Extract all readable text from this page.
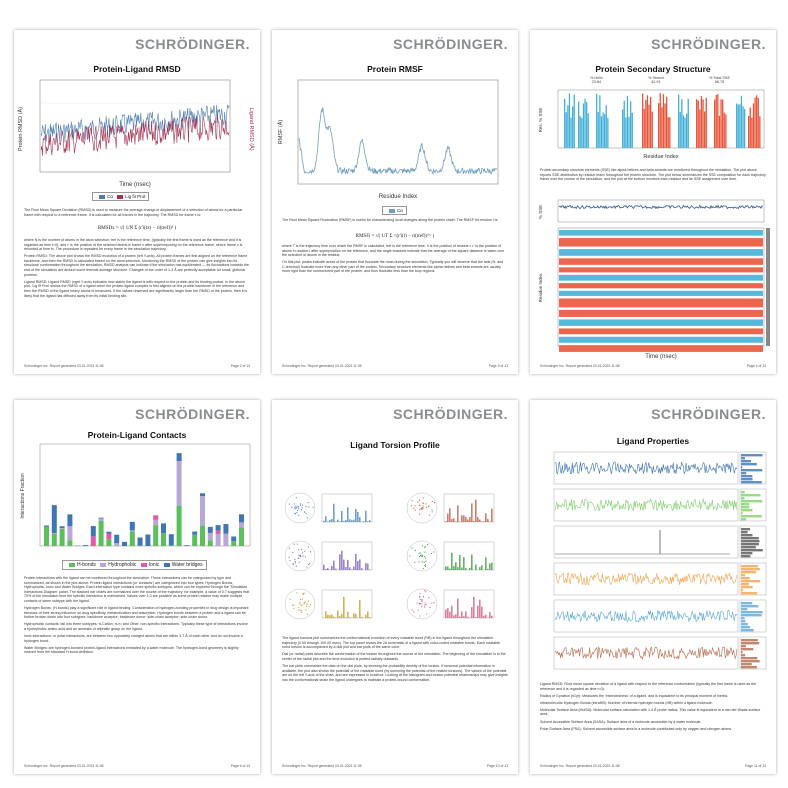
SCHRÖDINGER.
Protein-Ligand RMSD
Protein RMSD (Å)	Ligand RMSD (Å)
Time (nsec)
Cα	Lig fit Prot

The Root Mean Square Deviation (RMSD) is used to measure the average change in displacement of a selection of atoms for a particular frame with respect to a reference frame. It is calculated for all frames in the trajectory. The RMSD for frame x is:

RMSDx = √( 1/N Σ (r'i(tx) − ri(tref))² )

where N is the number of atoms in the atom selection; tref is the reference time, (typically the first frame is used as the reference and it is regarded as time t=0); and r' is the position of the selected atoms in frame x after superimposing on the reference frame, where frame x is recorded at time tx. The procedure is repeated for every frame in the simulation trajectory.

Protein RMSD: The above plot shows the RMSD evolution of a protein (left Y-axis). All protein frames are first aligned on the reference frame backbone, and then the RMSD is calculated based on the atom selection. Monitoring the RMSD of the protein can give insights into its structural conformation throughout the simulation. RMSD analysis can indicate if the simulation has equilibrated — its fluctuations towards the end of the simulation are around some thermal average structure. Changes of the order of 1-3 Å are perfectly acceptable for small, globular proteins.

Ligand RMSD: Ligand RMSD (right Y-axis) indicates how stable the ligand is with respect to the protein and its binding pocket. In the above plot, 'Lig fit Prot' shows the RMSD of a ligand when the protein-ligand complex is first aligned on the protein backbone of the reference and then the RMSD of the ligand heavy atoms is measured. If the values observed are significantly larger than the RMSD of the protein, then it is likely that the ligand has diffused away from its initial binding site.

Schrodinger Inc. Report generated 03-01-2023 11:08	Page 2 of 13
SCHRÖDINGER.
Protein RMSF
RMSF (Å)
Residue Index
Cα

The Root Mean Square Fluctuation (RMSF) is useful for characterizing local changes along the protein chain. The RMSF for residue i is:

RMSFi = √( 1/T Σ <(r'i(t) − ri(tref))²> )

where T is the trajectory time over which the RMSF is calculated, tref is the reference time, ri is the position of residue i; r' is the position of atoms in residue i after superposition on the reference, and the angle brackets indicate that the average of the square distance is taken over the selection of atoms in the residue.

On this plot, peaks indicate areas of the protein that fluctuate the most during the simulation. Typically you will observe that the tails (N- and C-terminal) fluctuate more than any other part of the protein. Secondary structure elements like alpha helices and beta strands are usually more rigid than the unstructured part of the protein, and thus fluctuate less than the loop regions.

Schrodinger Inc. Report generated 03-01-2023 11:08	Page 3 of 13
SCHRÖDINGER.
Protein Secondary Structure
% Helix
23.84
% Strand
42.91
% Total SSE
66.75
Res. % SSE
Residue Index

Protein secondary structure elements (SSE) like alpha-helices and beta-strands are monitored throughout the simulation. The plot above reports SSE distribution by residue index throughout the protein structure. The plot below summarizes the SSE composition for each trajectory frame over the course of the simulation, and the plot at the bottom monitors each residue and its SSE assignment over time.

% SSE
Residue Index
Time (nsec)
Schrodinger Inc. Report generated 03-01-2023 11:08	Page 4 of 13
SCHRÖDINGER.
Protein-Ligand Contacts
Interactions Fraction
H-bonds Hydrophobic Ionic Water bridges

Protein interactions with the ligand can be monitored throughout the simulation. These interactions can be categorized by type and summarized, as shown in the plot above. Protein-ligand interactions (or 'contacts') are categorized into four types: Hydrogen Bonds, Hydrophobic, Ionic and Water Bridges. Each interaction type contains more specific subtypes, which can be explored through the 'Simulation Interactions Diagram' panel. The stacked bar charts are normalized over the course of the trajectory: for example, a value of 0.7 suggests that 70% of the simulation time the specific interaction is maintained. Values over 1.0 are possible as some protein residue may make multiple contacts of same subtype with the ligand.

Hydrogen Bonds: (H-bonds) play a significant role in ligand binding. Consideration of hydrogen-bonding properties in drug design is important because of their strong influence on drug specificity, metabolization and adsorption. Hydrogen bonds between a protein and a ligand can be further broken down into four subtypes: backbone acceptor; backbone donor; side-chain acceptor; side-chain donor.

Hydrophobic contacts: fall into three subtypes: π-Cation; π-π; and Other, non-specific interactions. Typically these type of interactions involve a hydrophobic amino acid and an aromatic or aliphatic group on the ligand.

Ionic interactions: or polar interactions, are between two oppositely charged atoms that are within 3.7 Å of each other and do not involve a hydrogen bond.

Water Bridges: are hydrogen-bonded protein-ligand interactions mediated by a water molecule. The hydrogen-bond geometry is slightly relaxed from the standard H-bond definition.

Schrodinger Inc. Report generated 03-01-2023 11:08	Page 6 of 13
SCHRÖDINGER.
Ligand Torsion Profile

The ligand torsions plot summarizes the conformational evolution of every rotatable bond (RB) in the ligand throughout the simulation trajectory (0.00 through 100.00 nsec). The top panel shows the 2d schematic of a ligand with color-coded rotatable bonds. Each rotatable bond torsion is accompanied by a dial plot and bar plots of the same color.

Dial (or radial) plots describe the conformation of the torsion throughout the course of the simulation. The beginning of the simulation is in the center of the radial plot and the time evolution is plotted radially outwards.

The bar plots summarize the data on the dial plots, by showing the probability density of the torsion. If torsional potential information is available, the plot also shows the potential of the rotatable bond (by summing the potential of the related torsions). The values of the potential are on the left Y-axis of the chart, and are expressed in kcal/mol. Looking at the histogram and torsion potential relationships may give insights into the conformational strain the ligand undergoes to maintain a protein-bound conformation.

Schrodinger Inc. Report generated 03-01-2023 11:08	Page 10 of 13
SCHRÖDINGER.
Ligand Properties

Ligand RMSD: Root mean square deviation of a ligand with respect to the reference conformation (typically the first frame is used as the reference and it is regarded as time t=0).

Radius of Gyration (rGyr): Measures the 'extendedness' of a ligand, and is equivalent to its principal moment of inertia.

Intramolecular Hydrogen Bonds (intraHB): Number of internal hydrogen bonds (HB) within a ligand molecule.

Molecular Surface Area (MolSA): Molecular surface calculation with 1.4 Å probe radius. This value is equivalent to a van der Waals surface area.

Solvent Accessible Surface Area (SASA): Surface area of a molecule accessible by a water molecule.

Polar Surface Area (PSA): Solvent accessible surface area in a molecule contributed only by oxygen and nitrogen atoms.

Schrodinger Inc. Report generated 03-01-2023 11:08	Page 11 of 13
